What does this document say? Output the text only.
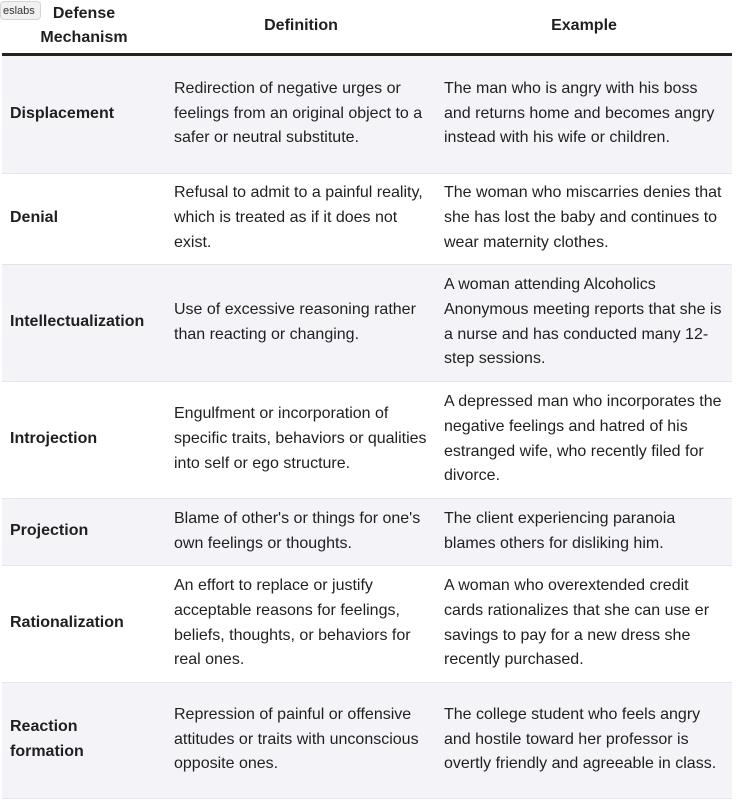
eslabs	Defense Mechanism	Definition	Example
Displacement	Redirection of negative urges or feelings from an original object to a safer or neutral substitute.	The man who is angry with his boss and returns home and becomes angry instead with his wife or children.
Denial	Refusal to admit to a painful reality, which is treated as if it does not exist.	The woman who miscarries denies that she has lost the baby and continues to wear maternity clothes.
Intellectualization	Use of excessive reasoning rather than reacting or changing.	A woman attending Alcoholics Anonymous meeting reports that she is a nurse and has conducted many 12-step sessions.
Introjection	Engulfment or incorporation of specific traits, behaviors or qualities into self or ego structure.	A depressed man who incorporates the negative feelings and hatred of his estranged wife, who recently filed for divorce.
Projection	Blame of other's or things for one's own feelings or thoughts.	The client experiencing paranoia blames others for disliking him.
Rationalization	An effort to replace or justify acceptable reasons for feelings, beliefs, thoughts, or behaviors for real ones.	A woman who overextended credit cards rationalizes that she can use er savings to pay for a new dress she recently purchased.
Reaction formation	Repression of painful or offensive attitudes or traits with unconscious opposite ones.	The college student who feels angry and hostile toward her professor is overtly friendly and agreeable in class.
